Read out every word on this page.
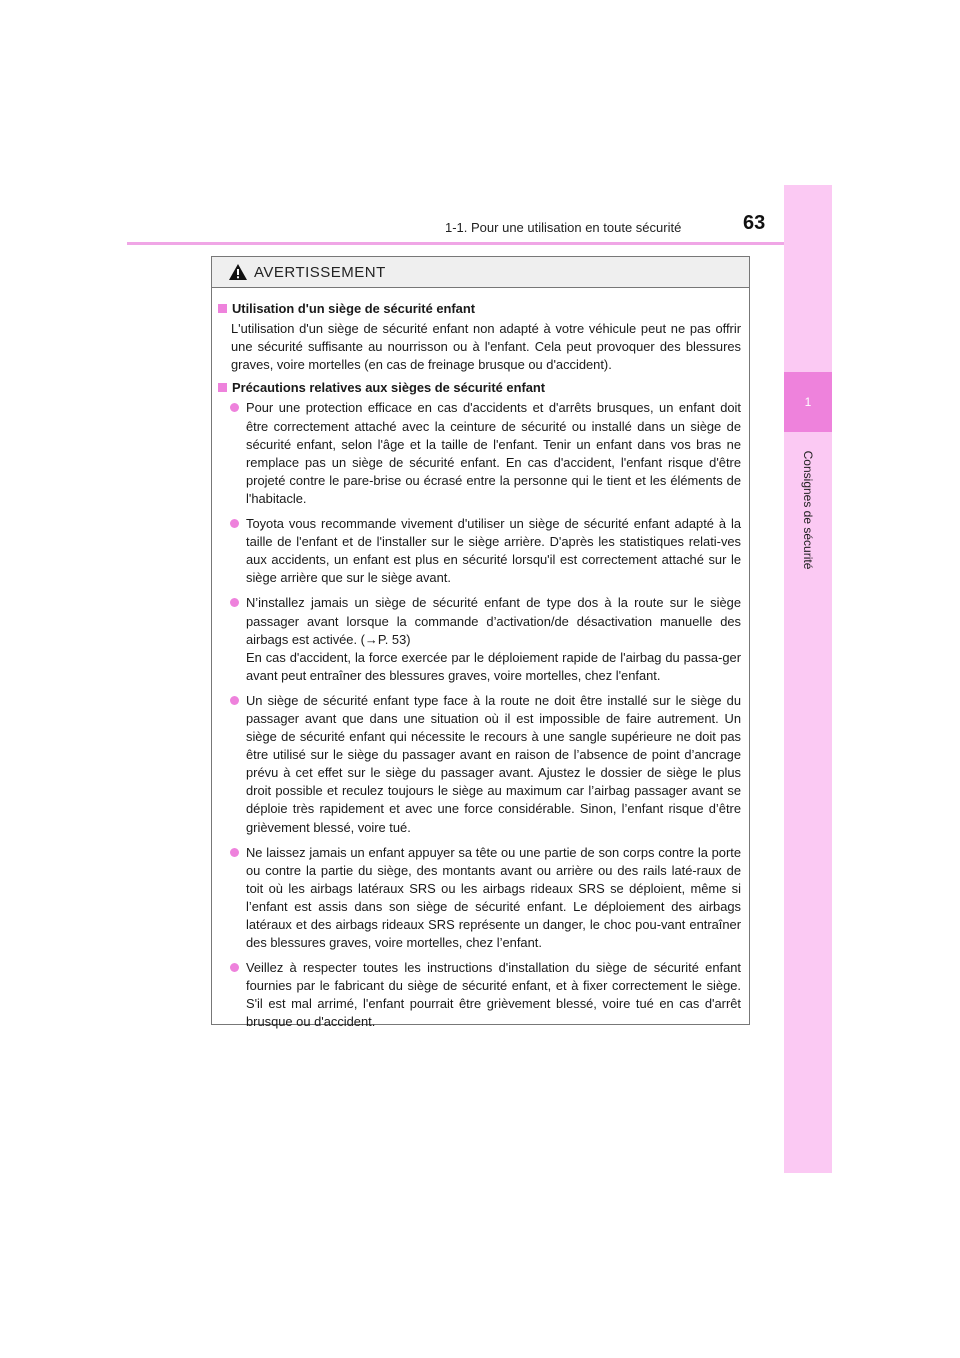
1-1. Pour une utilisation en toute sécurité	63
1
Consignes de sécurité
AVERTISSEMENT
Utilisation d'un siège de sécurité enfant
L'utilisation d'un siège de sécurité enfant non adapté à votre véhicule peut ne pas offrir une sécurité suffisante au nourrisson ou à l'enfant. Cela peut provoquer des blessures graves, voire mortelles (en cas de freinage brusque ou d'accident).
Précautions relatives aux sièges de sécurité enfant
Pour une protection efficace en cas d'accidents et d'arrêts brusques, un enfant doit être correctement attaché avec la ceinture de sécurité ou installé dans un siège de sécurité enfant, selon l'âge et la taille de l'enfant. Tenir un enfant dans vos bras ne remplace pas un siège de sécurité enfant. En cas d'accident, l'enfant risque d'être projeté contre le pare-brise ou écrasé entre la personne qui le tient et les éléments de l'habitacle.
Toyota vous recommande vivement d'utiliser un siège de sécurité enfant adapté à la taille de l'enfant et de l'installer sur le siège arrière. D'après les statistiques relati-ves aux accidents, un enfant est plus en sécurité lorsqu'il est correctement attaché sur le siège arrière que sur le siège avant.
N’installez jamais un siège de sécurité enfant de type dos à la route sur le siège passager avant lorsque la commande d’activation/de désactivation manuelle des airbags est activée. (→P. 53)
En cas d'accident, la force exercée par le déploiement rapide de l'airbag du passa-ger avant peut entraîner des blessures graves, voire mortelles, chez l'enfant.
Un siège de sécurité enfant type face à la route ne doit être installé sur le siège du passager avant que dans une situation où il est impossible de faire autrement. Un siège de sécurité enfant qui nécessite le recours à une sangle supérieure ne doit pas être utilisé sur le siège du passager avant en raison de l’absence de point d’ancrage prévu à cet effet sur le siège du passager avant. Ajustez le dossier de siège le plus droit possible et reculez toujours le siège au maximum car l’airbag passager avant se déploie très rapidement et avec une force considérable. Sinon, l’enfant risque d’être grièvement blessé, voire tué.
Ne laissez jamais un enfant appuyer sa tête ou une partie de son corps contre la porte ou contre la partie du siège, des montants avant ou arrière ou des rails laté-raux de toit où les airbags latéraux SRS ou les airbags rideaux SRS se déploient, même si l’enfant est assis dans son siège de sécurité enfant. Le déploiement des airbags latéraux et des airbags rideaux SRS représente un danger, le choc pou-vant entraîner des blessures graves, voire mortelles, chez l’enfant.
Veillez à respecter toutes les instructions d'installation du siège de sécurité enfant fournies par le fabricant du siège de sécurité enfant, et à fixer correctement le siège. S'il est mal arrimé, l'enfant pourrait être grièvement blessé, voire tué en cas d'arrêt brusque ou d'accident.
